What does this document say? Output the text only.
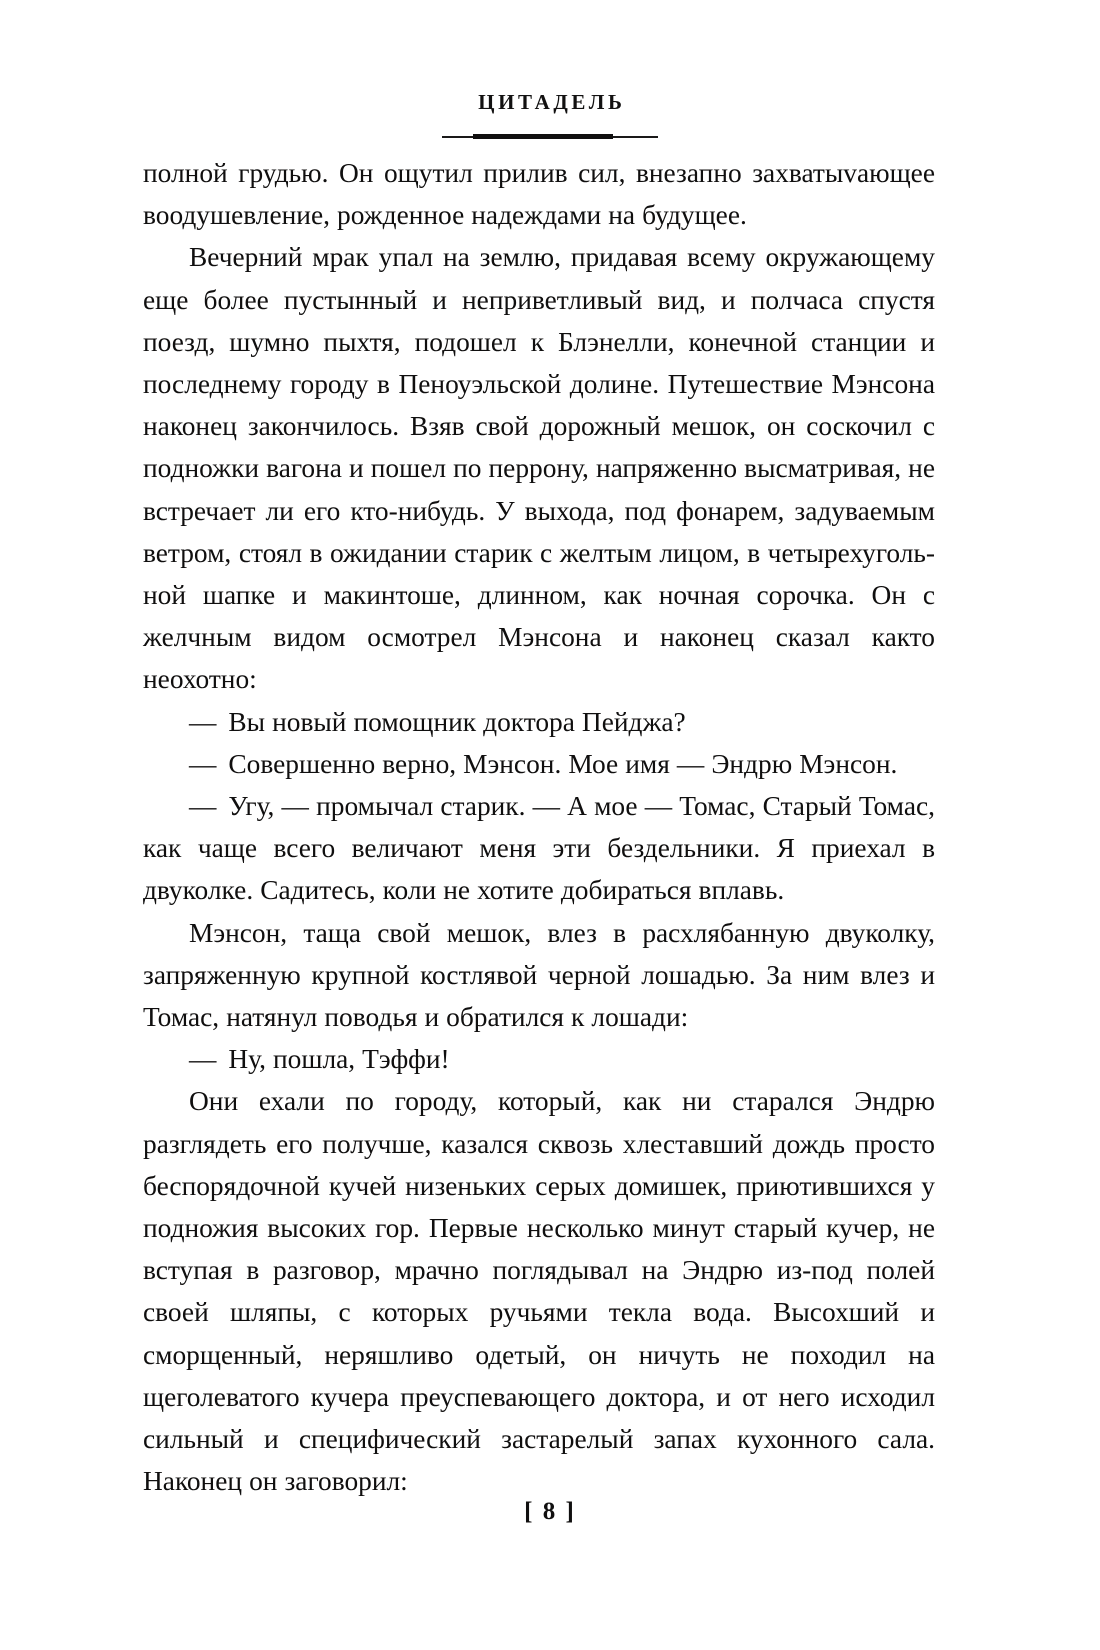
ЦИТАДЕЛЬ

полной грудью. Он ощутил прилив сил, внезапно захватыvающее воодушевление, рожденное надеждами на будущее.

Вечерний мрак упал на землю, придавая всему окружающему еще более пустынный и неприветливый вид, и полчаса спустя поезд, шумно пыхтя, подошел к Блэнелли, конечной станции и последнему городу в Пеноуэльской долине. Путешествие Мэнсона наконец закончилось. Взяв свой дорожный мешок, он соскочил с подножки вагона и пошел по перрону, напряженно высматривая, не встречает ли его кто-нибудь. У выхода, под фонарем, задуваемым ветром, стоял в ожидании старик с желтым лицом, в четырехугольной шапке и макинтоше, длинном, как ночная сорочка. Он с желчным видом осмотрел Мэнсона и наконец сказал както неохотно:

— Вы новый помощник доктора Пейджа?

— Совершенно верно, Мэнсон. Мое имя — Эндрю Мэнсон.

— Угу, — промычал старик. — А мое — Томас, Старый Томас, как чаще всего величают меня эти бездельники. Я приехал в двуколке. Садитесь, коли не хотите добираться вплавь.

Мэнсон, таща свой мешок, влез в расхлябанную двуколку, запряженную крупной костлявой черной лошадью. За ним влез и Томас, натянул поводья и обратился к лошади:

— Ну, пошла, Тэффи!

Они ехали по городу, который, как ни старался Эндрю разглядеть его получше, казался сквозь хлеставший дождь просто беспорядочной кучей низеньких серых домишек, приютившихся у подножия высоких гор. Первые несколько минут старый кучер, не вступая в разговор, мрачно поглядывал на Эндрю из-под полей своей шляпы, с которых ручьями текла вода. Высохший и сморщенный, неряшливо одетый, он ничуть не походил на щеголеватого кучера преуспевающего доктора, и от него исходил сильный и специфический застарелый запах кухонного сала. Наконец он заговорил:

[ 8 ]
